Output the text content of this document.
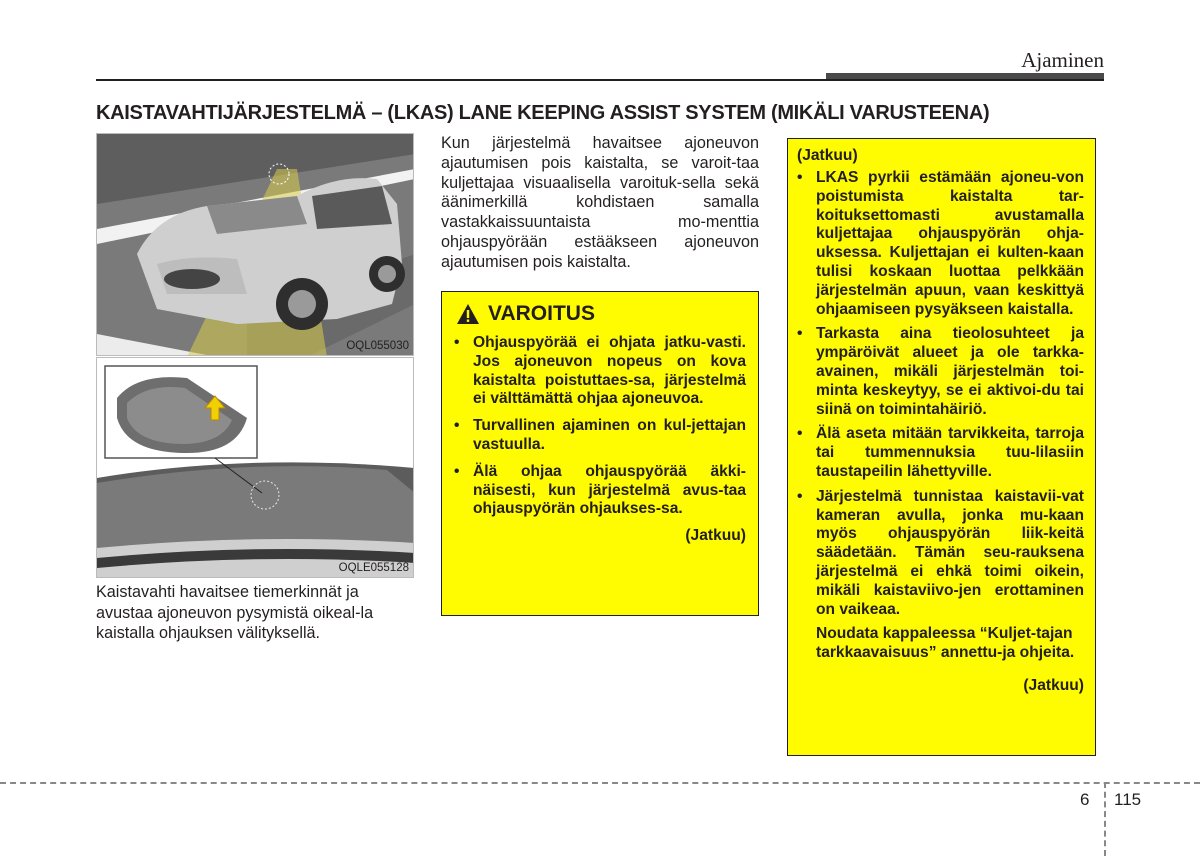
Ajaminen
KAISTAVAHTIJÄRJESTELMÄ – (LKAS) LANE KEEPING ASSIST SYSTEM (MIKÄLI VARUSTEENA)
OQL055030
OQLE055128

Kaistavahti havaitsee tiemerkinnät ja avustaa ajoneuvon pysymistä oikeal-la kaistalla ohjauksen välityksellä.

Kun järjestelmä havaitsee ajoneuvon ajautumisen pois kaistalta, se varoit-taa kuljettajaa visuaalisella varoituk-sella sekä äänimerkillä kohdistaen samalla vastakkaissuuntaista mo-menttia ohjauspyörään estääkseen ajoneuvon ajautumisen pois kaistalta.

VAROITUS
• Ohjauspyörää ei ohjata jatku-vasti. Jos ajoneuvon nopeus on kova kaistalta poistuttaes-sa, järjestelmä ei välttämättä ohjaa ajoneuvoa.
• Turvallinen ajaminen on kul-jettajan vastuulla.
• Älä ohjaa ohjauspyörää äkki-näisesti, kun järjestelmä avus-taa ohjauspyörän ohjaukses-sa.
(Jatkuu)
(Jatkuu)
• LKAS pyrkii estämään ajoneu-von poistumista kaistalta tar-koituksettomasti avustamalla kuljettajaa ohjauspyörän ohja-uksessa. Kuljettajan ei kulten-kaan tulisi koskaan luottaa pelkkään järjestelmän apuun, vaan keskittyä ohjaamiseen pysyäkseen kaistalla.
• Tarkasta aina tieolosuhteet ja ympäröivät alueet ja ole tarkka-avainen, mikäli järjestelmän toi-minta keskeytyy, se ei aktivoi-du tai siinä on toimintahäiriö.
• Älä aseta mitään tarvikkeita, tarroja tai tummennuksia tuu-lilasiin taustapeilin lähettyville.
• Järjestelmä tunnistaa kaistavii-vat kameran avulla, jonka mu-kaan myös ohjauspyörän liik-keitä säädetään. Tämän seu-rauksena järjestelmä ei ehkä toimi oikein, mikäli kaistaviivo-jen erottaminen on vaikeaa.

Noudata kappaleessa “Kuljet-tajan tarkkaavaisuus” annettu-ja ohjeita.

(Jatkuu)
6 115
